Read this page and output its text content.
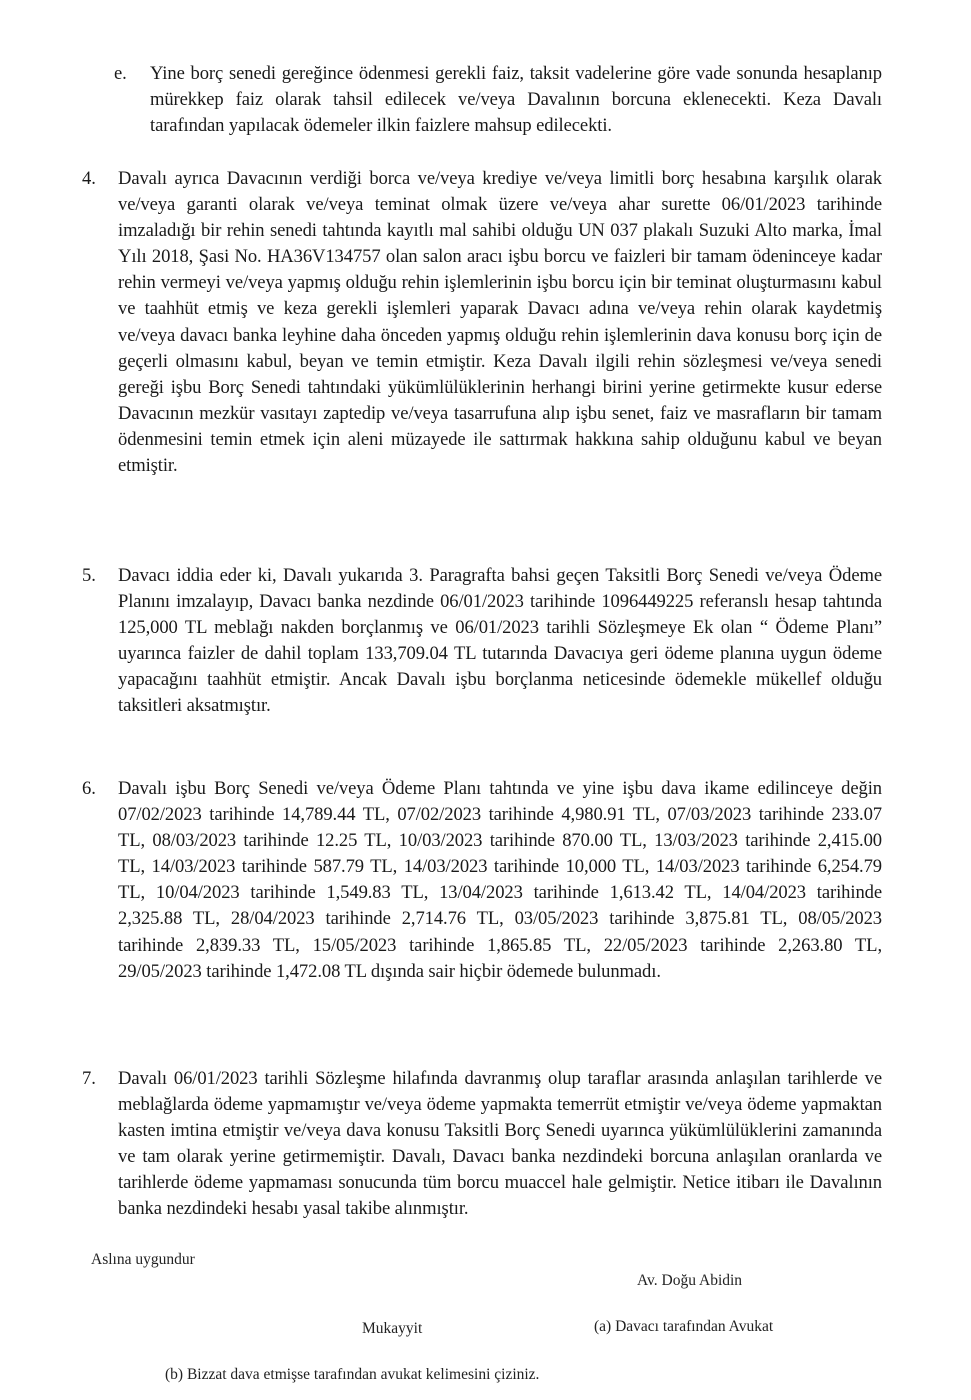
e. Yine borç senedi gereğince ödenmesi gerekli faiz, taksit vadelerine göre vade sonunda hesaplanıp mürekkep faiz olarak tahsil edilecek ve/veya Davalının borcuna eklenecekti. Keza Davalı tarafından yapılacak ödemeler ilkin faizlere mahsup edilecekti.
4. Davalı ayrıca Davacının verdiği borca ve/veya krediye ve/veya limitli borç hesabına karşılık olarak ve/veya garanti olarak ve/veya teminat olmak üzere ve/veya ahar surette 06/01/2023 tarihinde imzaladığı bir rehin senedi tahtında kayıtlı mal sahibi olduğu UN 037 plakalı Suzuki Alto marka, İmal Yılı 2018, Şasi No. HA36V134757 olan salon aracı işbu borcu ve faizleri bir tamam ödeninceye kadar rehin vermeyi ve/veya yapmış olduğu rehin işlemlerinin işbu borcu için bir teminat oluşturmasını kabul ve taahhüt etmiş ve keza gerekli işlemleri yaparak Davacı adına ve/veya rehin olarak kaydetmiş ve/veya davacı banka leyhine daha önceden yapmış olduğu rehin işlemlerinin dava konusu borç için de geçerli olmasını kabul, beyan ve temin etmiştir. Keza Davalı ilgili rehin sözleşmesi ve/veya senedi gereği işbu Borç Senedi tahtındaki yükümlülüklerinin herhangi birini yerine getirmekte kusur ederse Davacının mezkür vasıtayı zaptedip ve/veya tasarrufuna alıp işbu senet, faiz ve masrafların bir tamam ödenmesini temin etmek için aleni müzayede ile sattırmak hakkına sahip olduğunu kabul ve beyan etmiştir.
5. Davacı iddia eder ki, Davalı yukarıda 3. Paragrafta bahsi geçen Taksitli Borç Senedi ve/veya Ödeme Planını imzalayıp, Davacı banka nezdinde 06/01/2023 tarihinde 1096449225 referanslı hesap tahtında 125,000 TL meblağı nakden borçlanmış ve 06/01/2023 tarihli Sözleşmeye Ek olan “ Ödeme Planı” uyarınca faizler de dahil toplam 133,709.04 TL tutarında Davacıya geri ödeme planına uygun ödeme yapacağını taahhüt etmiştir. Ancak Davalı işbu borçlanma neticesinde ödemekle mükellef olduğu taksitleri aksatmıştır.
6. Davalı işbu Borç Senedi ve/veya Ödeme Planı tahtında ve yine işbu dava ikame edilinceye değin 07/02/2023 tarihinde 14,789.44 TL, 07/02/2023 tarihinde 4,980.91 TL, 07/03/2023 tarihinde 233.07 TL, 08/03/2023 tarihinde 12.25 TL, 10/03/2023 tarihinde 870.00 TL, 13/03/2023 tarihinde 2,415.00 TL, 14/03/2023 tarihinde 587.79 TL, 14/03/2023 tarihinde 10,000 TL, 14/03/2023 tarihinde 6,254.79 TL, 10/04/2023 tarihinde 1,549.83 TL, 13/04/2023 tarihinde 1,613.42 TL, 14/04/2023 tarihinde 2,325.88 TL, 28/04/2023 tarihinde 2,714.76 TL, 03/05/2023 tarihinde 3,875.81 TL, 08/05/2023 tarihinde 2,839.33 TL, 15/05/2023 tarihinde 1,865.85 TL, 22/05/2023 tarihinde 2,263.80 TL, 29/05/2023 tarihinde 1,472.08 TL dışında sair hiçbir ödemede bulunmadı.
7. Davalı 06/01/2023 tarihli Sözleşme hilafında davranmış olup taraflar arasında anlaşılan tarihlerde ve meblağlarda ödeme yapmamıştır ve/veya ödeme yapmakta temerrüt etmiştir ve/veya ödeme yapmaktan kasten imtina etmiştir ve/veya dava konusu Taksitli Borç Senedi uyarınca yükümlülüklerini zamanında ve tam olarak yerine getirmemiştir. Davalı, Davacı banka nezdindeki borcuna anlaşılan oranlarda ve tarihlerde ödeme yapmaması sonucunda tüm borcu muaccel hale gelmiştir. Netice itibarı ile Davalının banka nezdindeki hesabı yasal takibe alınmıştır.
Aslına uygundur
Av. Doğu Abidin
Mukayyit	(a) Davacı tarafından Avukat
(b) Bizzat dava etmişse tarafından avukat kelimesini çiziniz.
